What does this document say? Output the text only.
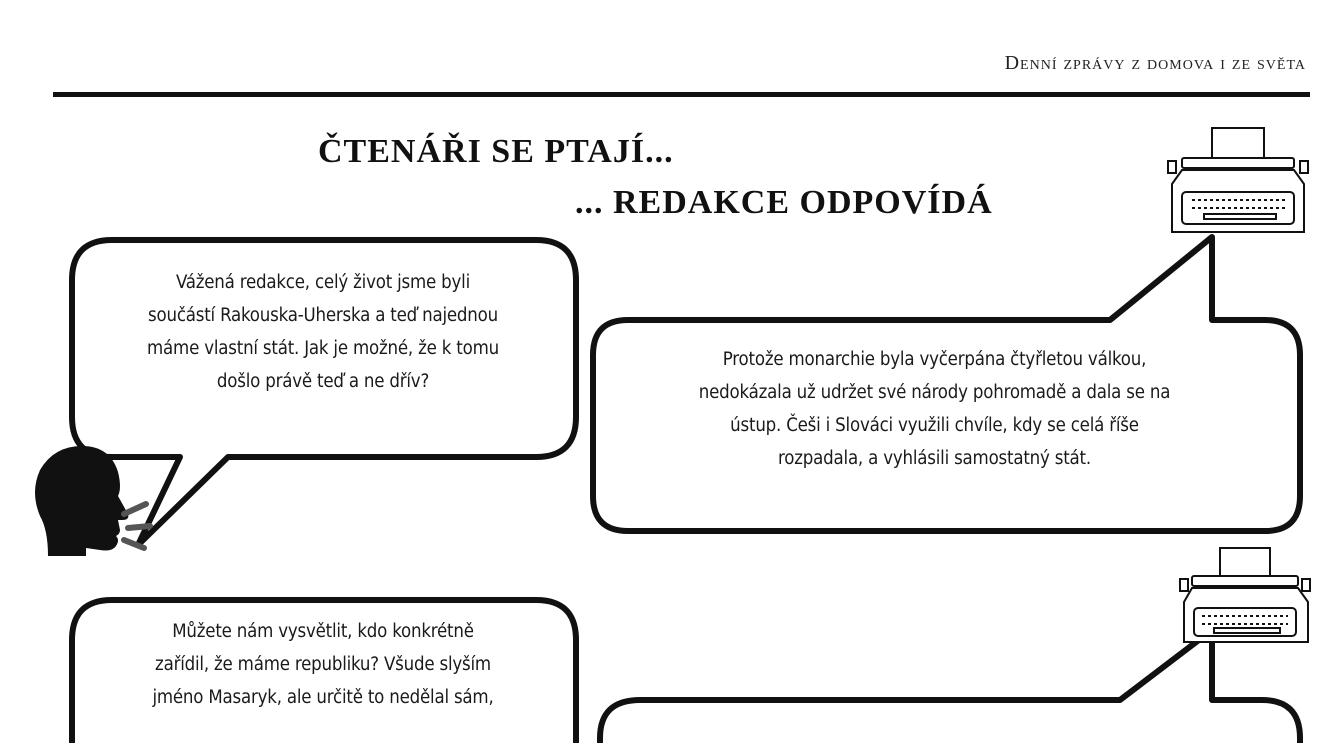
Denní zprávy z domova i ze světa
ČTENÁŘI SE PTAJÍ...
... REDAKCE ODPOVÍDÁ
Vážená redakce, celý život jsme byli
součástí Rakouska-Uherska a teď najednou
máme vlastní stát. Jak je možné, že k tomu
došlo právě teď a ne dřív?
Protože monarchie byla vyčerpána čtyřletou válkou,
nedokázala už udržet své národy pohromadě a dala se na
ústup. Češi i Slováci využili chvíle, kdy se celá říše
rozpadala, a vyhlásili samostatný stát.
Můžete nám vysvětlit, kdo konkrétně
zařídil, že máme republiku? Všude slyším
jméno Masaryk, ale určitě to nedělal sám,
